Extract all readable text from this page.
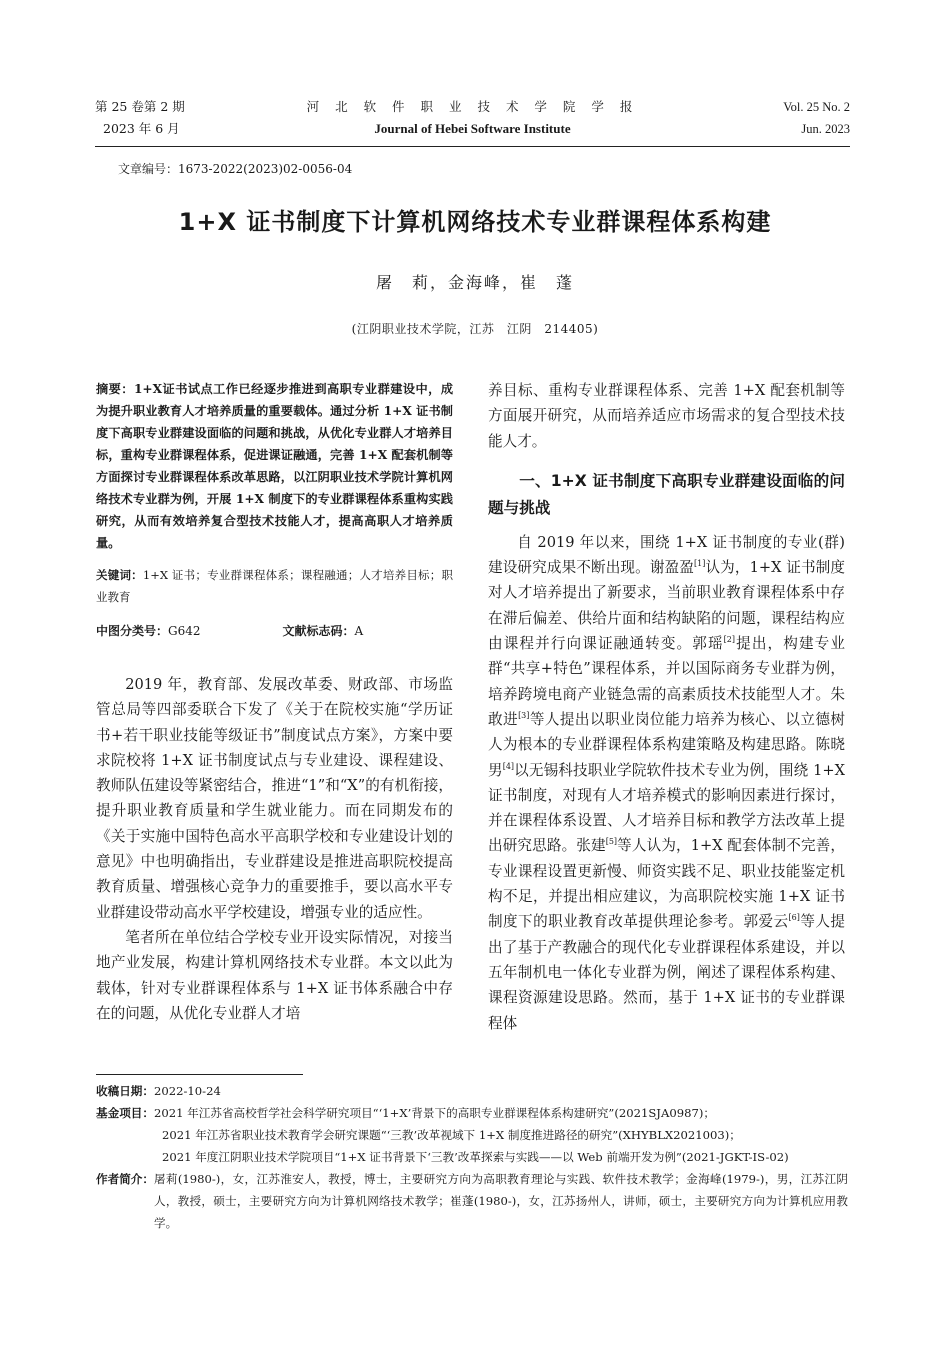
第 25 卷第 2 期
2023 年 6 月
河 北 软 件 职 业 技 术 学 院 学 报
Journal of Hebei Software Institute
Vol. 25 No. 2
Jun. 2023
文章编号：1673-2022(2023)02-0056-04
1+X 证书制度下计算机网络技术专业群课程体系构建
屠　莉，金海峰，崔　蓬
(江阴职业技术学院，江苏　江阴　214405)

摘要：1+X证书试点工作已经逐步推进到高职专业群建设中，成为提升职业教育人才培养质量的重要载体。通过分析 1+X 证书制度下高职专业群建设面临的问题和挑战，从优化专业群人才培养目标，重构专业群课程体系，促进课证融通，完善 1+X 配套机制等方面探讨专业群课程体系改革思路，以江阴职业技术学院计算机网络技术专业群为例，开展 1+X 制度下的专业群课程体系重构实践研究，从而有效培养复合型技术技能人才，提高高职人才培养质量。

关键词：1+X 证书；专业群课程体系；课程融通；人才培养目标；职业教育

中图分类号：G642	文献标志码：A

2019 年，教育部、发展改革委、财政部、市场监管总局等四部委联合下发了《关于在院校实施“学历证书+若干职业技能等级证书”制度试点方案》，方案中要求院校将 1+X 证书制度试点与专业建设、课程建设、教师队伍建设等紧密结合，推进“1”和“X”的有机衔接，提升职业教育质量和学生就业能力。而在同期发布的《关于实施中国特色高水平高职学校和专业建设计划的意见》中也明确指出，专业群建设是推进高职院校提高教育质量、增强核心竞争力的重要推手，要以高水平专业群建设带动高水平学校建设，增强专业的适应性。

笔者所在单位结合学校专业开设实际情况，对接当地产业发展，构建计算机网络技术专业群。本文以此为载体，针对专业群课程体系与 1+X 证书体系融合中存在的问题，从优化专业群人才培

养目标、重构专业群课程体系、完善 1+X 配套机制等方面展开研究，从而培养适应市场需求的复合型技术技能人才。

一、1+X 证书制度下高职专业群建设面临的问题与挑战

自 2019 年以来，围绕 1+X 证书制度的专业(群)建设研究成果不断出现。谢盈盈[1]认为，1+X 证书制度对人才培养提出了新要求，当前职业教育课程体系中存在滞后偏差、供给片面和结构缺陷的问题，课程结构应由课程并行向课证融通转变。郭瑶[2]提出，构建专业群“共享+特色”课程体系，并以国际商务专业群为例，培养跨境电商产业链急需的高素质技术技能型人才。朱敢进[3]等人提出以职业岗位能力培养为核心、以立德树人为根本的专业群课程体系构建策略及构建思路。陈晓男[4]以无锡科技职业学院软件技术专业为例，围绕 1+X证书制度，对现有人才培养模式的影响因素进行探讨，并在课程体系设置、人才培养目标和教学方法改革上提出研究思路。张建[5]等人认为，1+X 配套体制不完善，专业课程设置更新慢、师资实践不足、职业技能鉴定机构不足，并提出相应建议，为高职院校实施 1+X 证书制度下的职业教育改革提供理论参考。郭爱云[6]等人提出了基于产教融合的现代化专业群课程体系建设，并以五年制机电一体化专业群为例，阐述了课程体系构建、课程资源建设思路。然而，基于 1+X 证书的专业群课程体

收稿日期： 2022-10-24
基金项目： 2021 年江苏省高校哲学社会科学研究项目“‘1+X’背景下的高职专业群课程体系构建研究”(2021SJA0987)；
2021 年江苏省职业技术教育学会研究课题“‘三教’改革视域下 1+X 制度推进路径的研究”(XHYBLX2021003)；
2021 年度江阴职业技术学院项目“1+X 证书背景下‘三教’改革探索与实践——以 Web 前端开发为例”(2021-JGKT-IS-02)
作者简介： 屠莉(1980-)，女，江苏淮安人，教授，博士，主要研究方向为高职教育理论与实践、软件技术教学；金海峰(1979-)，男，江苏江阴人，教授，硕士，主要研究方向为计算机网络技术教学；崔蓬(1980-)，女，江苏扬州人，讲师，硕士，主要研究方向为计算机应用教学。
